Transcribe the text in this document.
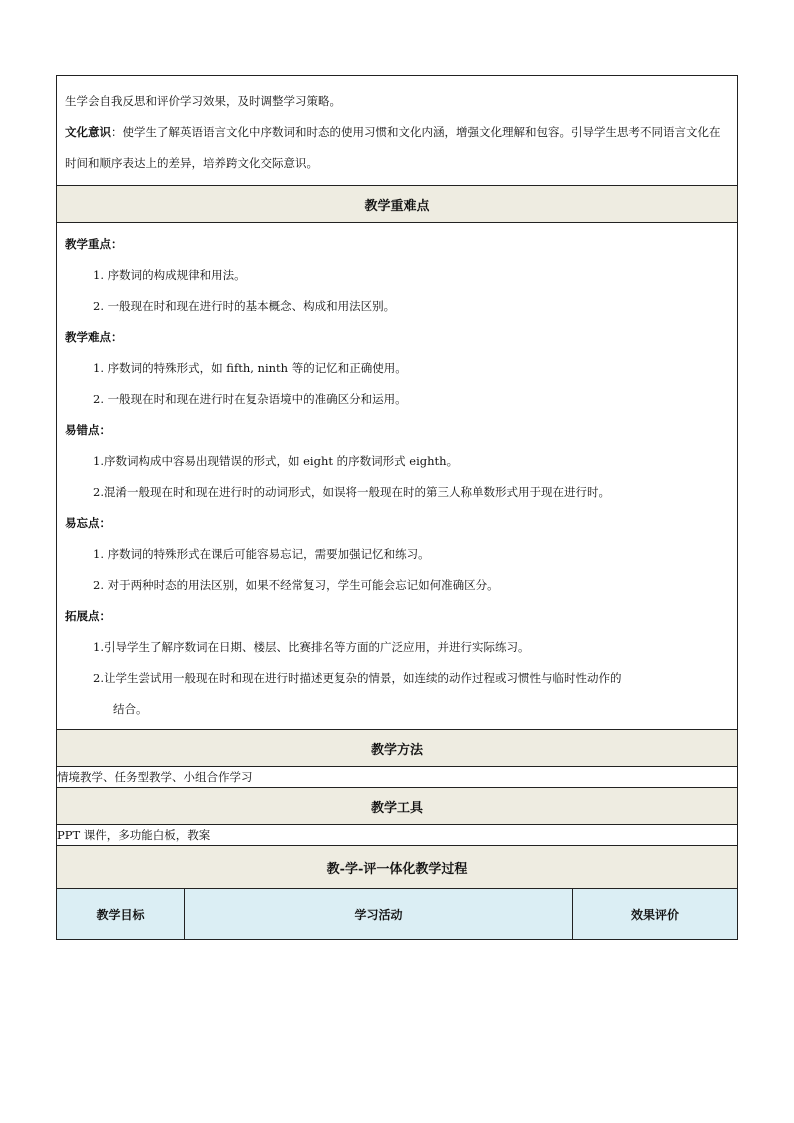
生学会自我反思和评价学习效果，及时调整学习策略。

文化意识：使学生了解英语语言文化中序数词和时态的使用习惯和文化内涵，增强文化理解和包容。引导学生思考不同语言文化在时间和顺序表达上的差异，培养跨文化交际意识。

教学重难点

教学重点：

1. 序数词的构成规律和用法。

2. 一般现在时和现在进行时的基本概念、构成和用法区别。

教学难点：

1. 序数词的特殊形式，如 fifth, ninth 等的记忆和正确使用。

2. 一般现在时和现在进行时在复杂语境中的准确区分和运用。

易错点：

1.序数词构成中容易出现错误的形式，如 eight 的序数词形式 eighth。

2.混淆一般现在时和现在进行时的动词形式，如误将一般现在时的第三人称单数形式用于现在进行时。

易忘点：

1. 序数词的特殊形式在课后可能容易忘记，需要加强记忆和练习。

2. 对于两种时态的用法区别，如果不经常复习，学生可能会忘记如何准确区分。

拓展点：

1.引导学生了解序数词在日期、楼层、比赛排名等方面的广泛应用，并进行实际练习。

2.让学生尝试用一般现在时和现在进行时描述更复杂的情景，如连续的动作过程或习惯性与临时性动作的

结合。

教学方法
情境教学、任务型教学、小组合作学习
教学工具
PPT 课件，多功能白板，教案
教-学-评一体化教学过程
教学目标	学习活动	效果评价
